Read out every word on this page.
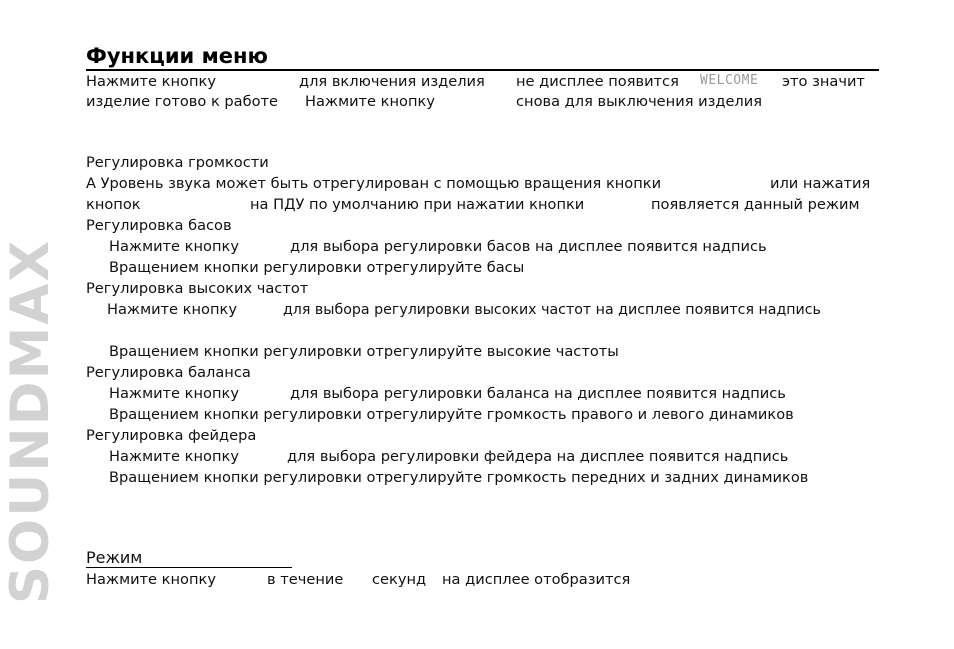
SOUNDMAX
Функции меню
Нажмите кнопку	для включения изделия не дисплее появится WELCOME это значит
изделие готово к работе Нажмите кнопку	снова для выключения изделия
Регулировка громкости
А Уровень звука может быть отрегулирован с помощью вращения кнопки	или нажатия
кнопок	на ПДУ по умолчанию при нажатии кнопки	появляется данный режим
Регулировка басов
Нажмите кнопку	для выбора регулировки басов на дисплее появится надпись
Вращением кнопки регулировки отрегулируйте басы
Регулировка высоких частот
Нажмите кнопку	для выбора регулировки высоких частот на дисплее появится надпись
Вращением кнопки регулировки отрегулируйте высокие частоты
Регулировка баланса
Нажмите кнопку	для выбора регулировки баланса на дисплее появится надпись
Вращением кнопки регулировки отрегулируйте громкость правого и левого динамиков
Регулировка фейдера
Нажмите кнопку	для выбора регулировки фейдера на дисплее появится надпись
Вращением кнопки регулировки отрегулируйте громкость передних и задних динамиков
Режим
Нажмите кнопку	в течение секунд на дисплее отобразится
